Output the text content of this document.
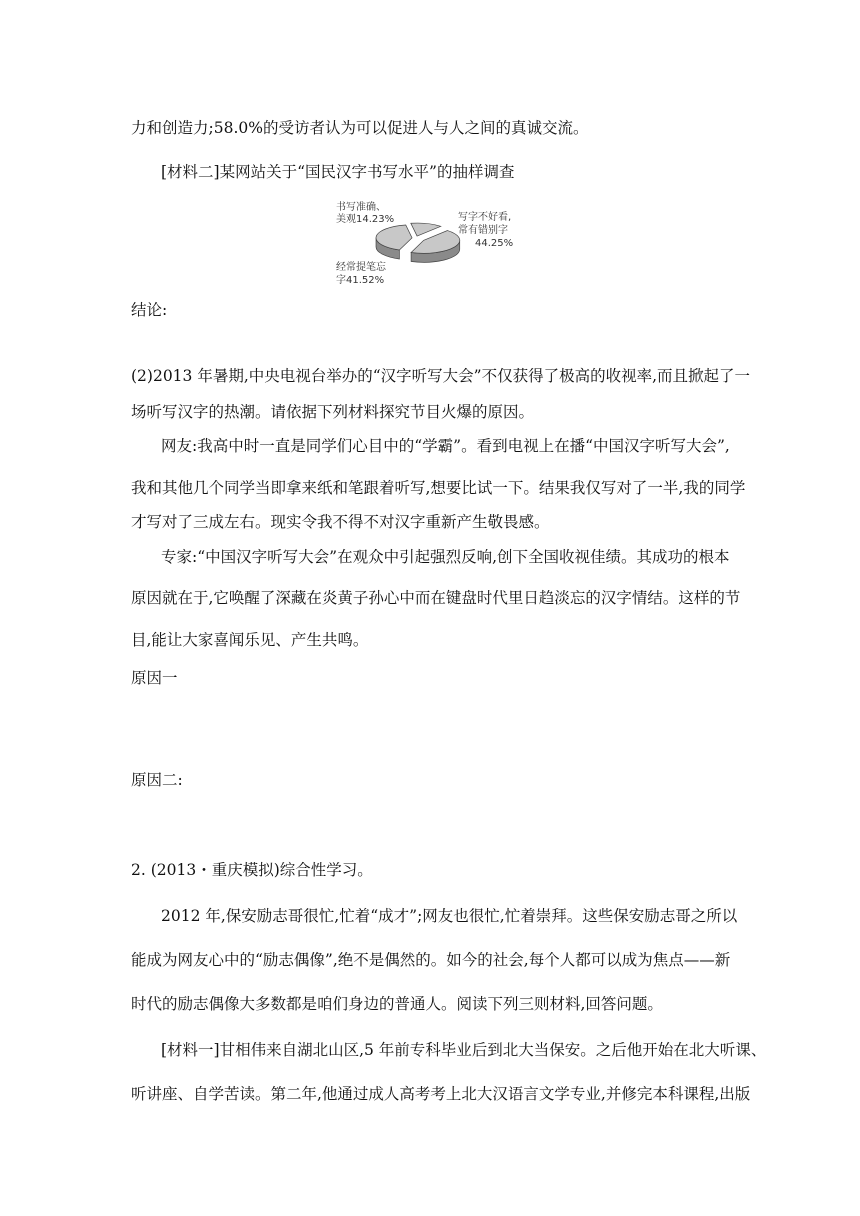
力和创造力;58.0%的受访者认为可以促进人与人之间的真诚交流。
[材料二]某网站关于“国民汉字书写水平”的抽样调查
书写准确、
美观14.23%	写字不好看,
常有错别字
44.25%
经常提笔忘
字41.52%
结论:
(2)2013 年暑期,中央电视台举办的“汉字听写大会”不仅获得了极高的收视率,而且掀起了一
场听写汉字的热潮。请依据下列材料探究节目火爆的原因。
网友:我高中时一直是同学们心目中的“学霸”。看到电视上在播“中国汉字听写大会”,
我和其他几个同学当即拿来纸和笔跟着听写,想要比试一下。结果我仅写对了一半,我的同学
才写对了三成左右。现实令我不得不对汉字重新产生敬畏感。
专家:“中国汉字听写大会”在观众中引起强烈反响,创下全国收视佳绩。其成功的根本
原因就在于,它唤醒了深藏在炎黄子孙心中而在键盘时代里日趋淡忘的汉字情结。这样的节
目,能让大家喜闻乐见、产生共鸣。
原因一
原因二:
2. (2013・重庆模拟)综合性学习。
2012 年,保安励志哥很忙,忙着“成才”;网友也很忙,忙着崇拜。这些保安励志哥之所以
能成为网友心中的“励志偶像”,绝不是偶然的。如今的社会,每个人都可以成为焦点——新
时代的励志偶像大多数都是咱们身边的普通人。阅读下列三则材料,回答问题。
[材料一]甘相伟来自湖北山区,5 年前专科毕业后到北大当保安。之后他开始在北大听课、
听讲座、自学苦读。第二年,他通过成人高考考上北大汉语言文学专业,并修完本科课程,出版
